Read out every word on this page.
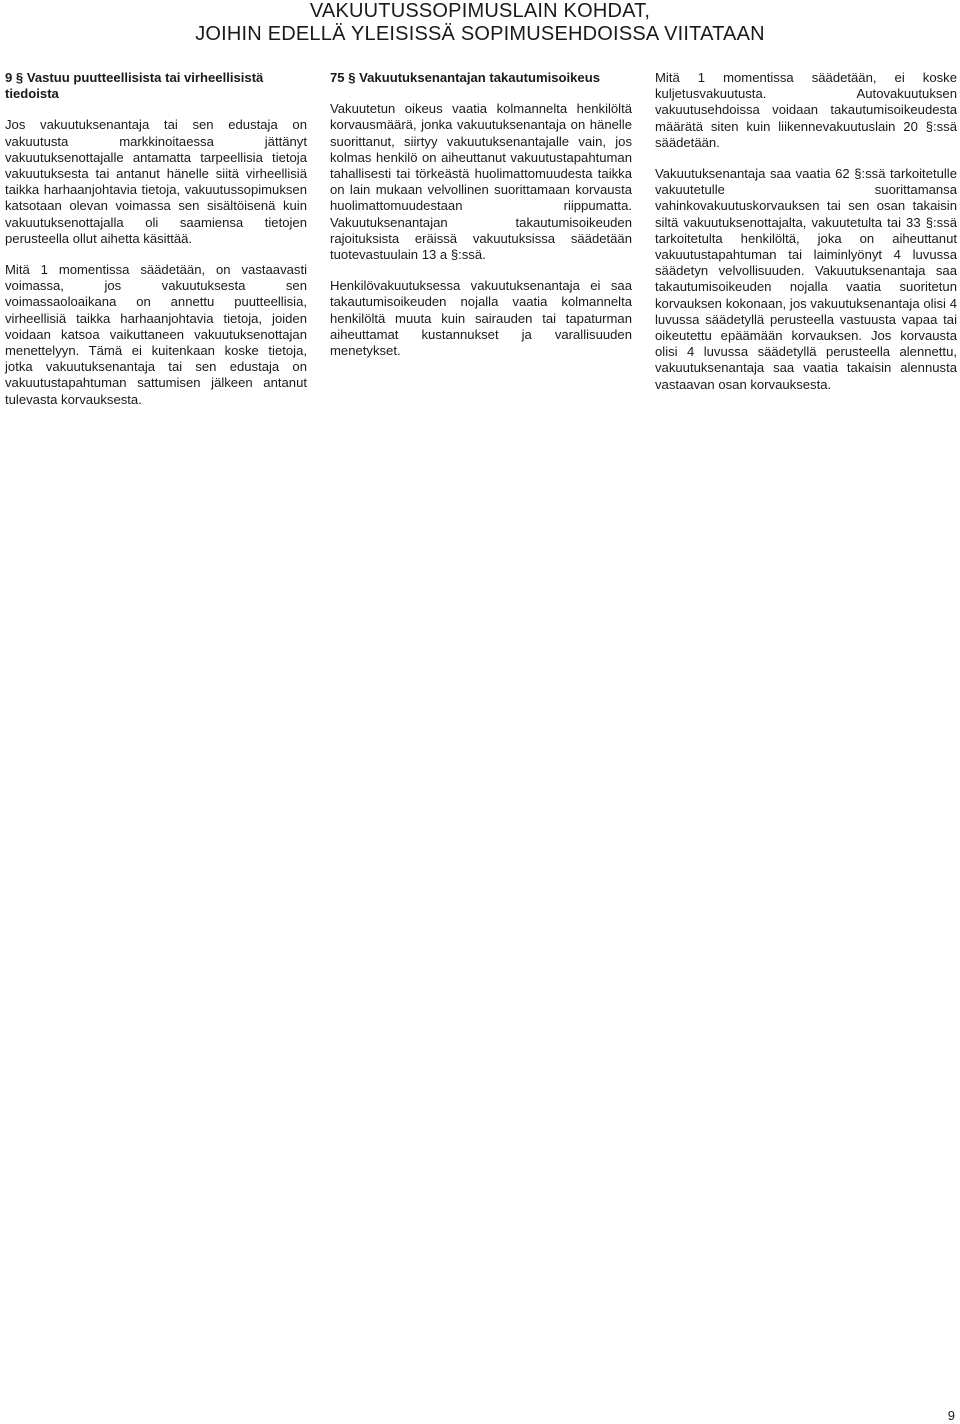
VAKUUTUSSOPIMUSLAIN KOHDAT,
JOIHIN EDELLÄ YLEISISSÄ SOPIMUSEHDOISSA VIITATAAN

9 § Vastuu puutteellisista tai virheellisistä tiedoista

Jos vakuutuksenantaja tai sen edustaja on vakuutusta markkinoitaessa jättänyt vakuutuksenottajalle antamatta tarpeellisia tietoja vakuutuksesta tai antanut hänelle siitä virheellisiä taikka harhaanjohtavia tietoja, vakuutussopimuksen katsotaan olevan voimassa sen sisältöisenä kuin vakuutuksenottajalla oli saamiensa tietojen perusteella ollut aihetta käsittää.

Mitä 1 momentissa säädetään, on vastaavasti voimassa, jos vakuutuksesta sen voimassaoloaikana on annettu puutteellisia, virheellisiä taikka harhaanjohtavia tietoja, joiden voidaan katsoa vaikuttaneen vakuutuksenottajan menettelyyn. Tämä ei kuitenkaan koske tietoja, jotka vakuutuksenantaja tai sen edustaja on vakuutustapahtuman sattumisen jälkeen antanut tulevasta korvauksesta.

75 § Vakuutuksenantajan takautumisoikeus

Vakuutetun oikeus vaatia kolmannelta henkilöltä korvausmäärä, jonka vakuutuksenantaja on hänelle suorittanut, siirtyy vakuutuksenantajalle vain, jos kolmas henkilö on aiheuttanut vakuutustapahtuman tahallisesti tai törkeästä huolimattomuudesta taikka on lain mukaan velvollinen suorittamaan korvausta huolimattomuudestaan riippumatta. Vakuutuksenantajan takautumisoikeuden rajoituksista eräissä vakuutuksissa säädetään tuotevastuulain 13 a §:ssä.

Henkilövakuutuksessa vakuutuksenantaja ei saa takautumisoikeuden nojalla vaatia kolmannelta henkilöltä muuta kuin sairauden tai tapaturman aiheuttamat kustannukset ja varallisuuden menetykset.

Mitä 1 momentissa säädetään, ei koske kuljetusvakuutusta. Autovakuutuksen vakuutusehdoissa voidaan takautumisoikeudesta määrätä siten kuin liikennevakuutuslain 20 §:ssä säädetään.

Vakuutuksenantaja saa vaatia 62 §:ssä tarkoitetulle vakuutetulle suorittamansa vahinkovakuutuskorvauksen tai sen osan takaisin siltä vakuutuksenottajalta, vakuutetulta tai 33 §:ssä tarkoitetulta henkilöltä, joka on aiheuttanut vakuutustapahtuman tai laiminlyönyt 4 luvussa säädetyn velvollisuuden. Vakuutuksenantaja saa takautumisoikeuden nojalla vaatia suoritetun korvauksen kokonaan, jos vakuutuksenantaja olisi 4 luvussa säädetyllä perusteella vastuusta vapaa tai oikeutettu epäämään korvauksen. Jos korvausta olisi 4 luvussa säädetyllä perusteella alennettu, vakuutuksenantaja saa vaatia takaisin alennusta vastaavan osan korvauksesta.

9
